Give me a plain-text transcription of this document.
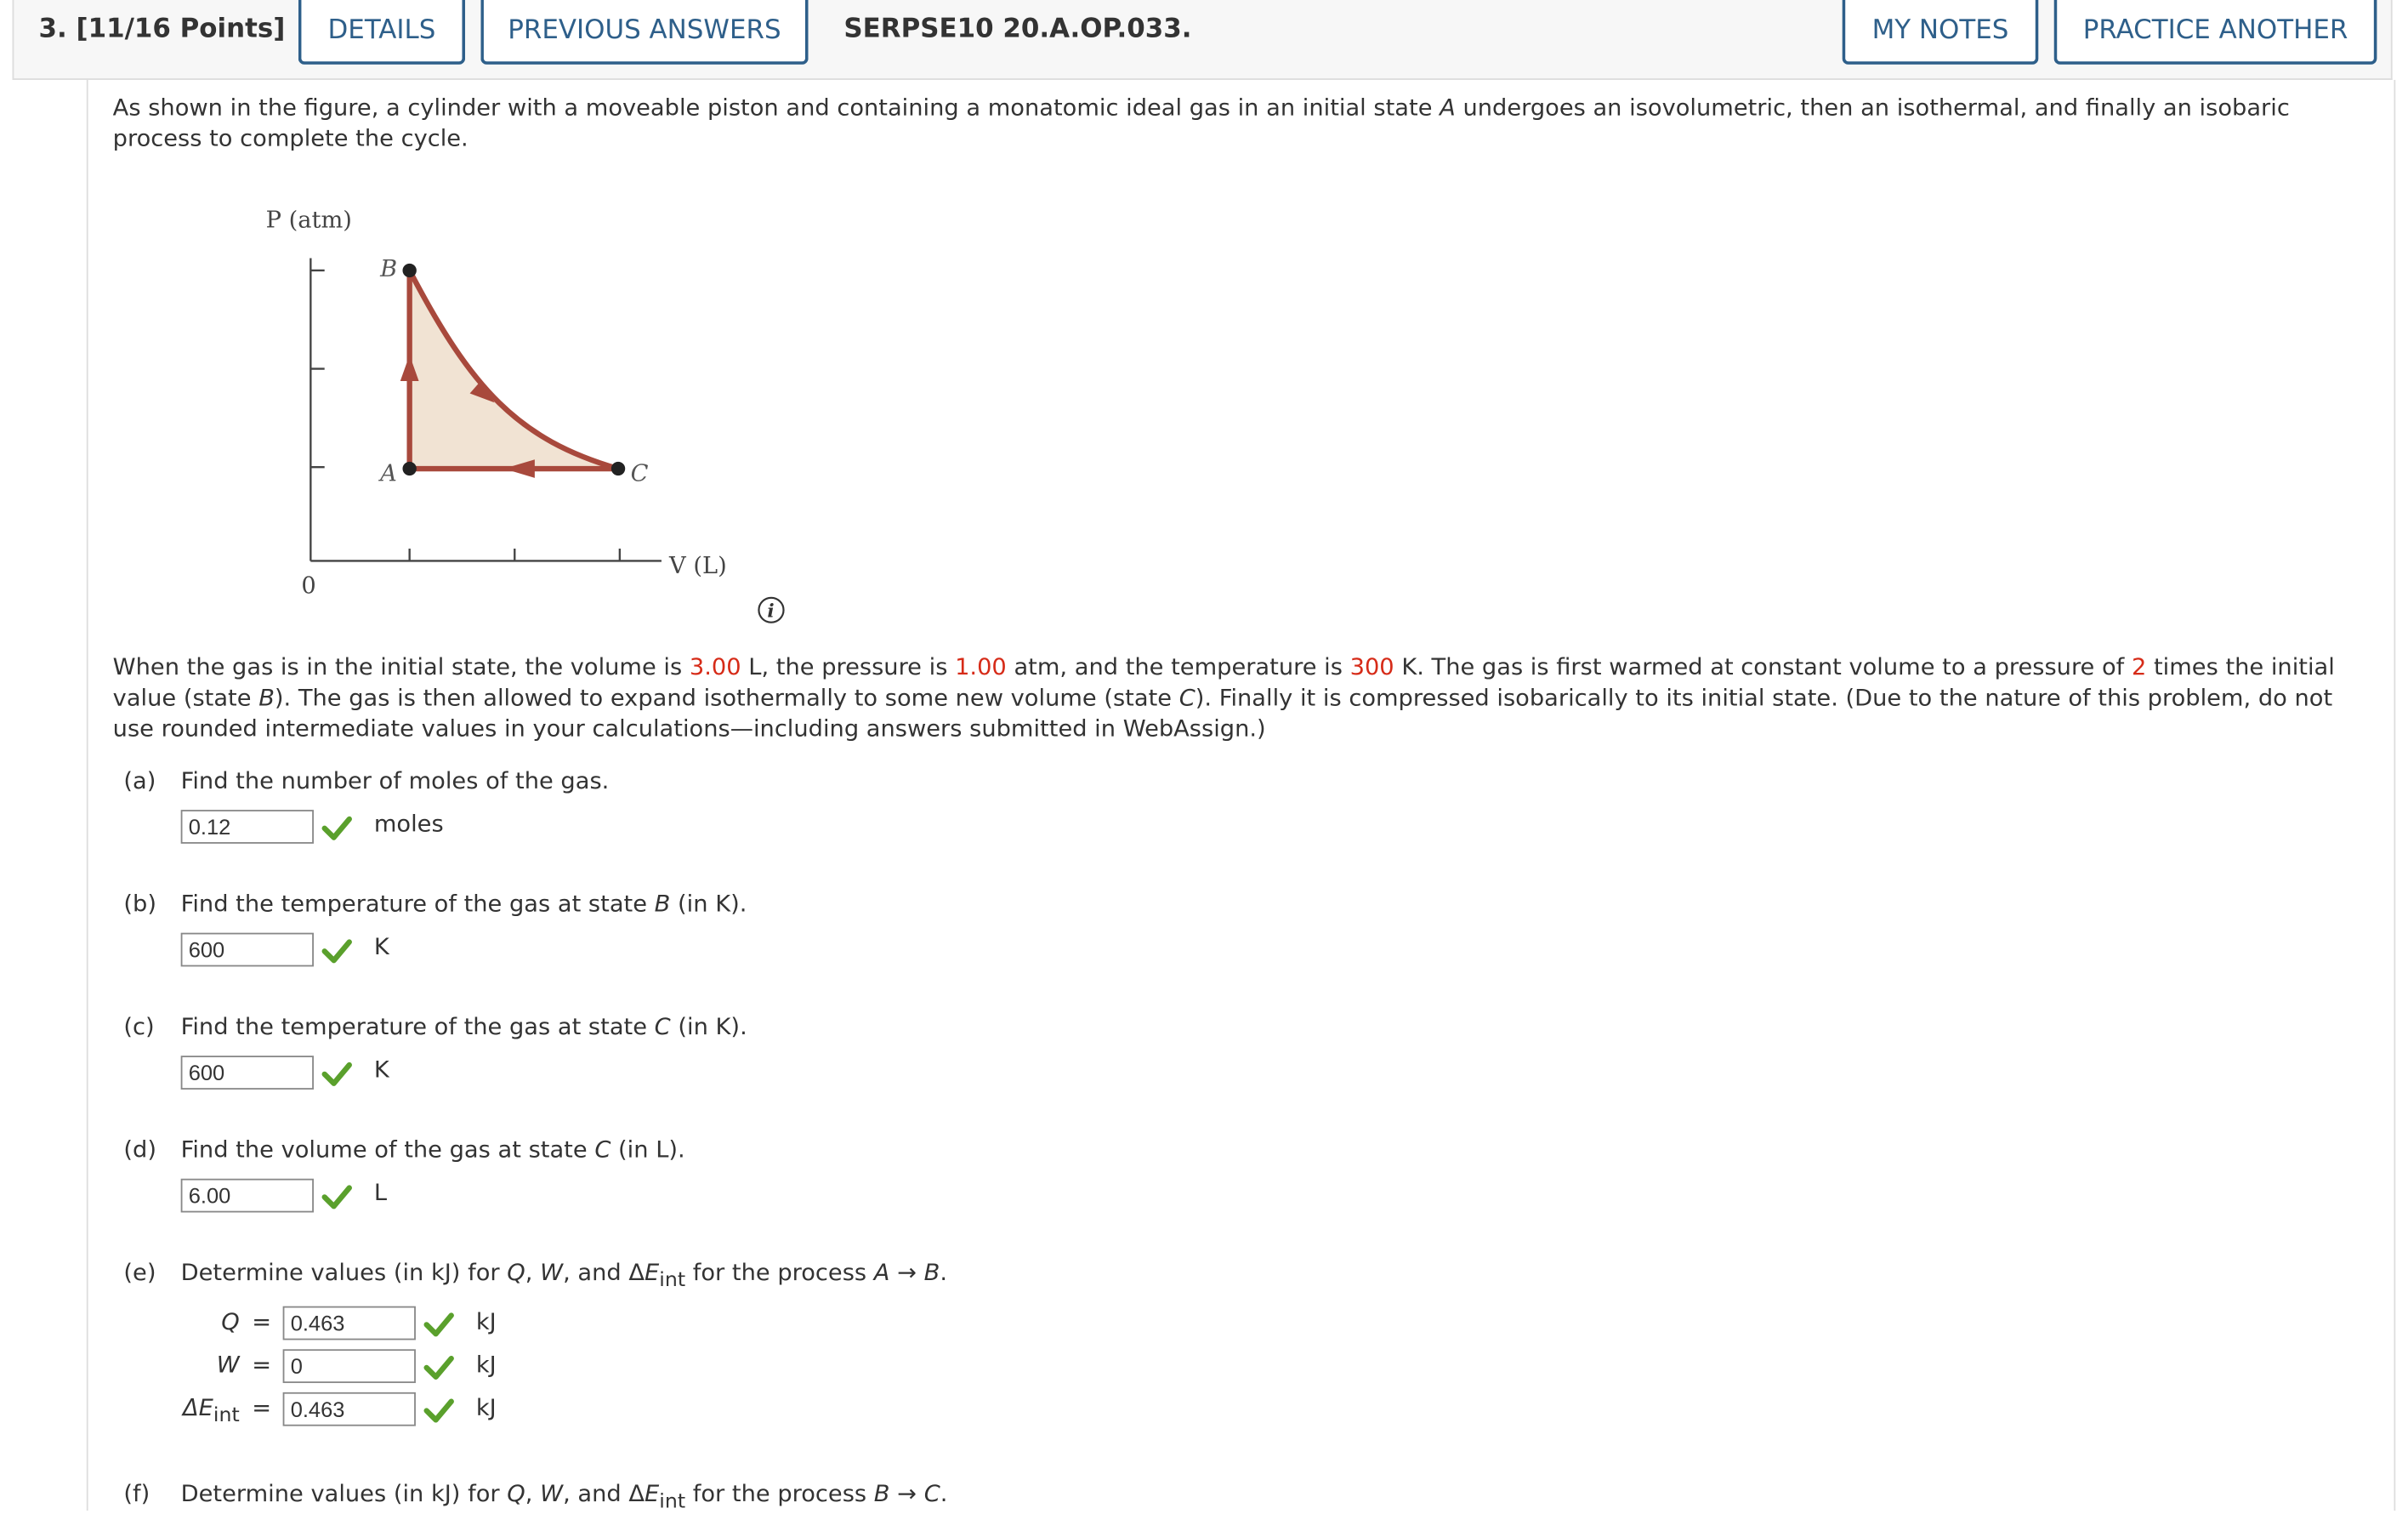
3. [11/16 Points]	DETAILS	PREVIOUS ANSWERS	SERPSE10 20.A.OP.033.	MY NOTES	PRACTICE ANOTHER
As shown in the figure, a cylinder with a moveable piston and containing a monatomic ideal gas in an initial state A undergoes an isovolumetric, then an isothermal, and finally an isobaric process to complete the cycle.
P (atm)
0
V (L)
B
A	C
i
When the gas is in the initial state, the volume is 3.00 L, the pressure is 1.00 atm, and the temperature is 300 K. The gas is first warmed at constant volume to a pressure of 2 times the initial value (state B). The gas is then allowed to expand isothermally to some new volume (state C). Finally it is compressed isobarically to its initial state. (Due to the nature of this problem, do not use rounded intermediate values in your calculations—including answers submitted in WebAssign.)
(a) Find the number of moles of the gas.
0.12	moles
(b) Find the temperature of the gas at state B (in K).
600	K
(c) Find the temperature of the gas at state C (in K).
600	K
(d) Find the volume of the gas at state C (in L).
6.00	L
(e) Determine values (in kJ) for Q, W, and $\Delta E_{int}$ for the process A → B.
Q =	0.463	kJ
W =	0	kJ
$\Delta E_{int}$ =	0.463	kJ
(f) Determine values (in kJ) for Q, W, and $\Delta E_{int}$ for the process B → C.
